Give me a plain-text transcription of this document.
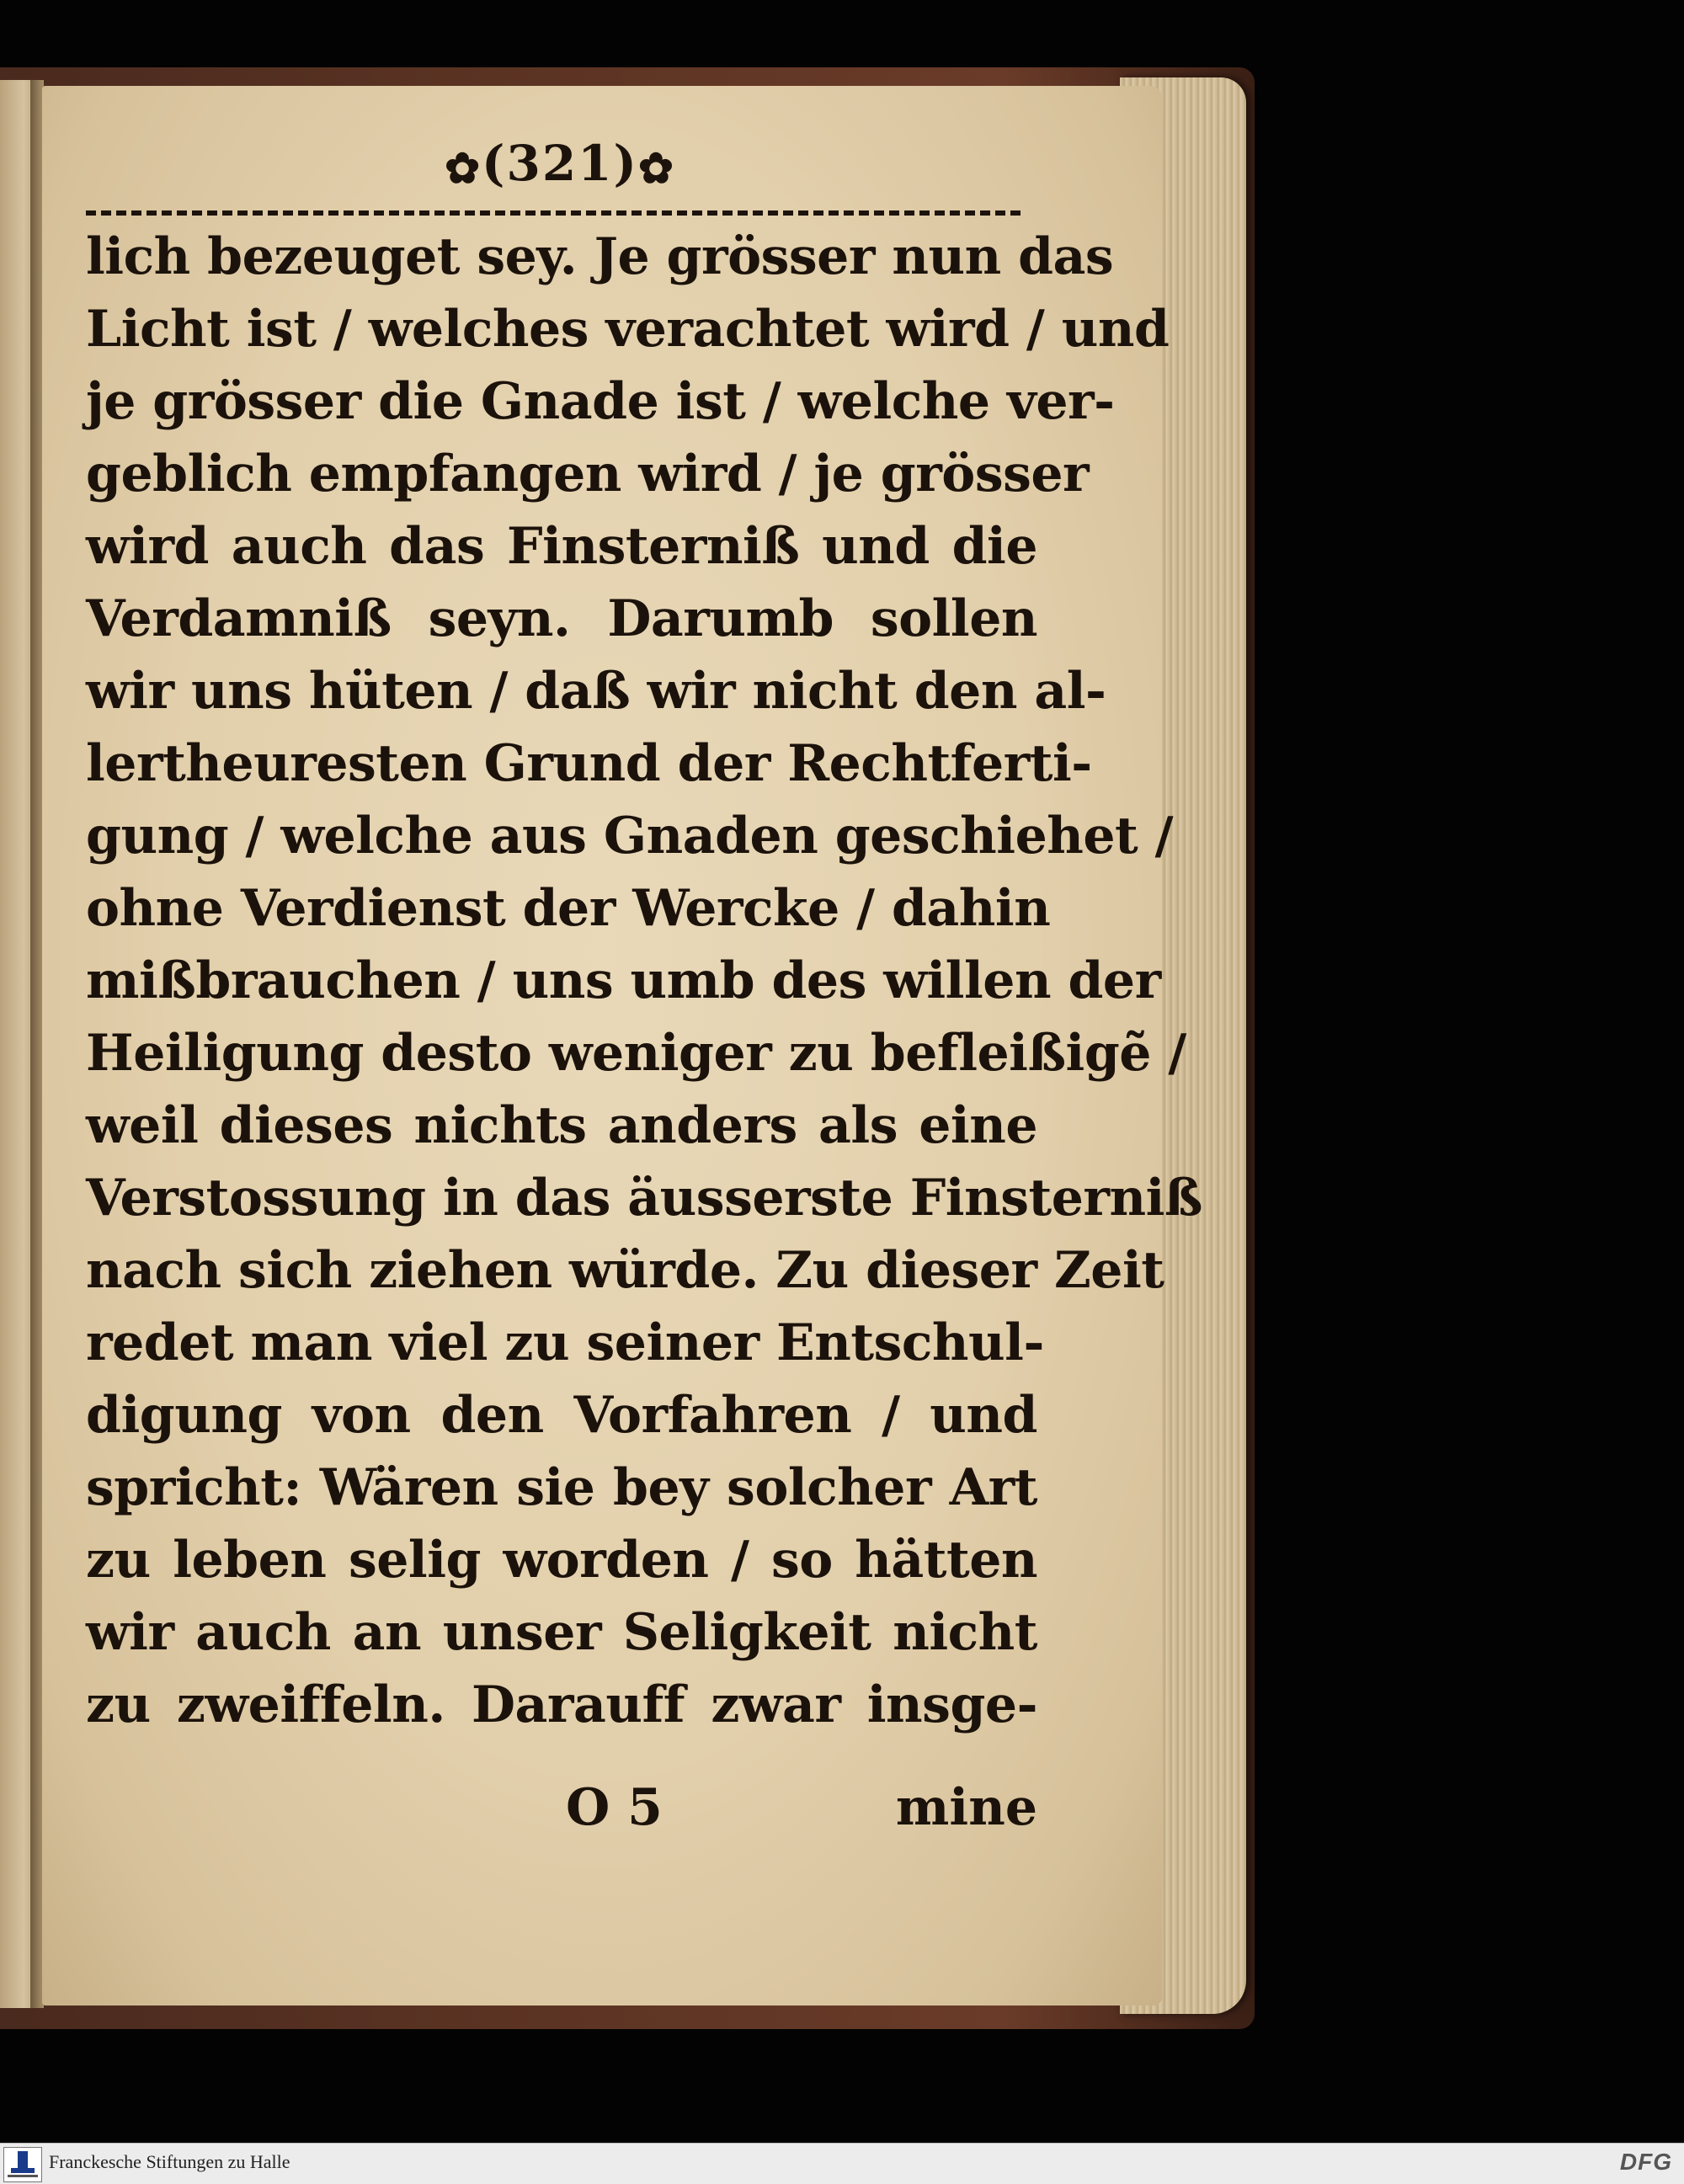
✿(321)✿
lich bezeuget sey. Je grösser nun das
Licht ist / welches verachtet wird / und
je grösser die Gnade ist / welche ver-
geblich empfangen wird / je grösser
wird auch das Finsterniß und die
Verdamniß seyn. Darumb sollen
wir uns hüten / daß wir nicht den al-
lertheuresten Grund der Rechtferti-
gung / welche aus Gnaden geschiehet /
ohne Verdienst der Wercke / dahin
mißbrauchen / uns umb des willen der
Heiligung desto weniger zu befleißigẽ /
weil dieses nichts anders als eine
Verstossung in das äusserste Finsterniß
nach sich ziehen würde. Zu dieser Zeit
redet man viel zu seiner Entschul-
digung von den Vorfahren / und
spricht: Wären sie bey solcher Art
zu leben selig worden / so hätten
wir auch an unser Seligkeit nicht
zu zweiffeln. Darauff zwar insge-
O 5	mine
Franckesche Stiftungen zu Halle	DFG
